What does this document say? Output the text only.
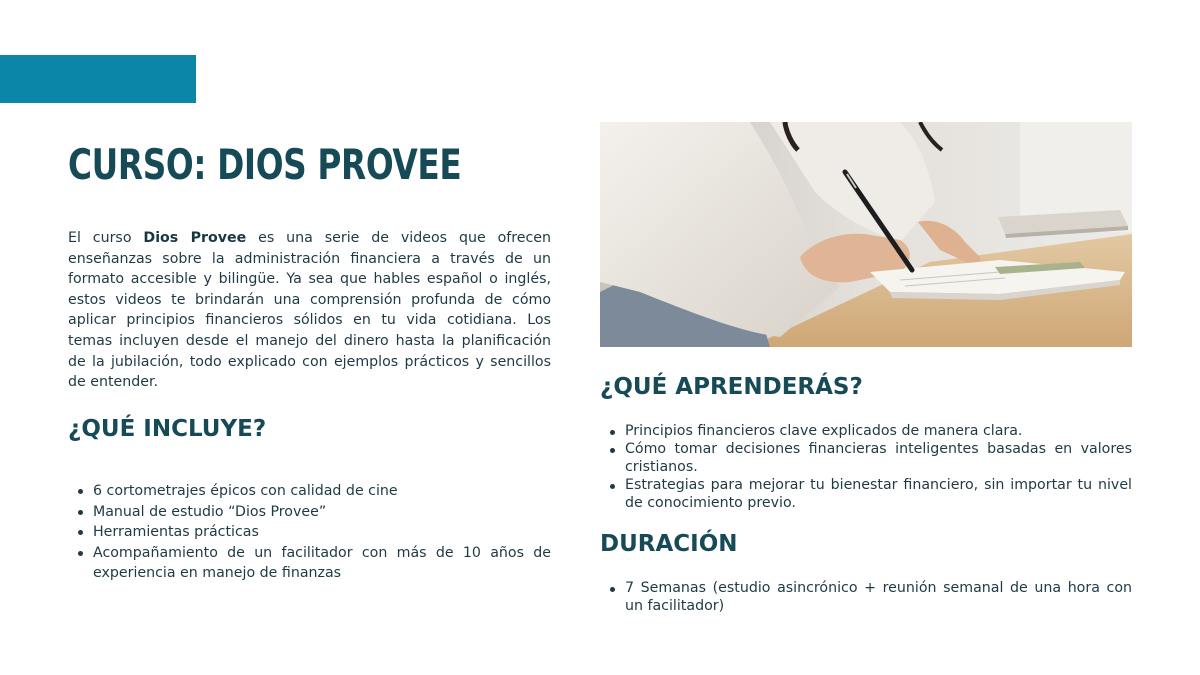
CURSO: DIOS PROVEE

El curso Dios Provee es una serie de videos que ofrecen enseñanzas sobre la administración financiera a través de un formato accesible y bilingüe. Ya sea que hables español o inglés, estos videos te brindarán una comprensión profunda de cómo aplicar principios financieros sólidos en tu vida cotidiana. Los temas incluyen desde el manejo del dinero hasta la planificación de la jubilación, todo explicado con ejemplos prácticos y sencillos de entender.

¿QUÉ INCLUYE?
6 cortometrajes épicos con calidad de cine
Manual de estudio “Dios Provee”
Herramientas prácticas
Acompañamiento de un facilitador con más de 10 años de experiencia en manejo de finanzas
¿QUÉ APRENDERÁS?
Principios financieros clave explicados de manera clara.
Cómo tomar decisiones financieras inteligentes basadas en valores cristianos.
Estrategias para mejorar tu bienestar financiero, sin importar tu nivel de conocimiento previo.
DURACIÓN
7 Semanas (estudio asincrónico + reunión semanal de una hora con un facilitador)
